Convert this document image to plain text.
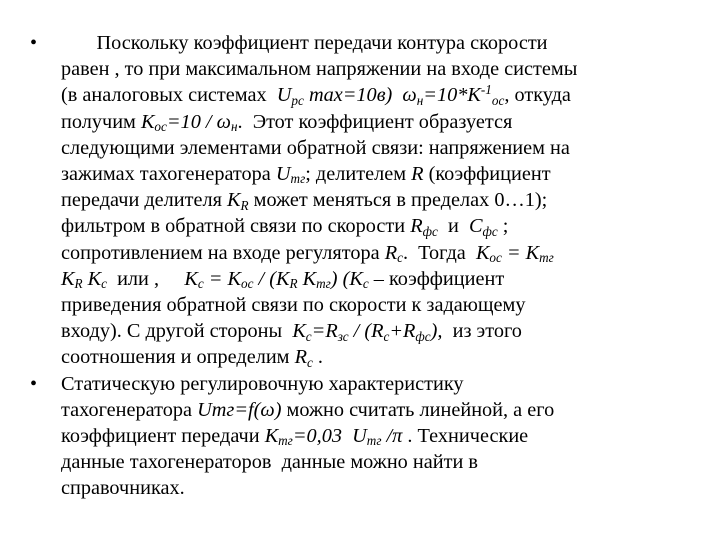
•	Поскольку коэффициент передачи контура скорости
равен , то при максимальном напряжении на входе системы
(в аналоговых системах  $U_{рс}$ max=10в)  $\omega_н=10*К^{-1}_{ос}$, откуда
получим $К_{ос}=10 / \omega_н$.  Этот коэффициент образуется
следующими элементами обратной связи: напряжением на
зажимах тахогенератора $U_{тг}$; делителем R (коэффициент
передачи делителя $К_R$ может меняться в пределах 0…1);
фильтром в обратной связи по скорости $R_{фс}$  и  $C_{фс}$ ;
сопротивлением на входе регулятора $R_с$.  Тогда  $К_{ос} = К_{тг}$
$К_R$ $К_с$  или ,     $К_с = К_{ос} / (К_R$ $К_{тг}$) ($К_с$ – коэффициент
приведения обратной связи по скорости к задающему
входу). С другой стороны  $К_с=R_{зс} / (R_с+R_{фс})$,  из этого
соотношения и определим $R_с$ .
•	Статическую регулировочную характеристику
тахогенератора Uтг=f(ω) можно считать линейной, а его
коэффициент передачи $К_{тг}=0,03$  $U_{тг}$ /π . Технические
данные тахогенераторов  данные можно найти в
справочниках.
